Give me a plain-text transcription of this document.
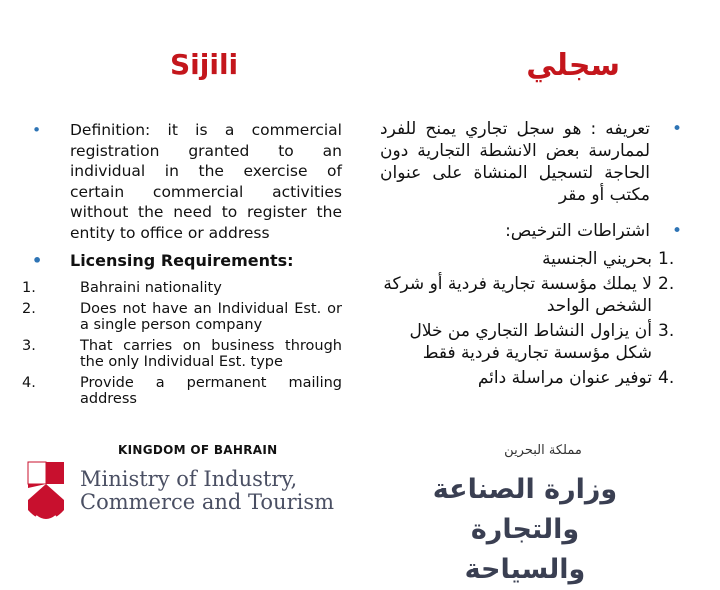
Sijili	سجلي
• Definition: it is a commercial registration granted to an individual in the exercise of certain commercial activities without the need to register the entity to office or address
• Licensing Requirements:
1.	Bahraini nationality
2.	Does not have an Individual Est. or a single person company
3.	That carries on business through the only Individual Est. type
4.	Provide a permanent mailing address
•
تعريفه : هو سجل تجاري يمنح للفرد لممارسة بعض الانشطة التجارية دون الحاجة لتسجيل المنشاة على عنوان مكتب أو مقر
•
اشتراطات الترخيص:
1.
بحريني الجنسية
2.
لا يملك مؤسسة تجارية فردية أو شركة الشخص الواحد
3.
أن يزاول النشاط التجاري من خلال شكل مؤسسة تجارية فردية فقط
4.
توفير عنوان مراسلة دائم
KINGDOM OF BAHRAIN
Ministry of Industry,
Commerce and Tourism
مملكة البحرين
وزارة الصناعة والتجارة والسياحة
